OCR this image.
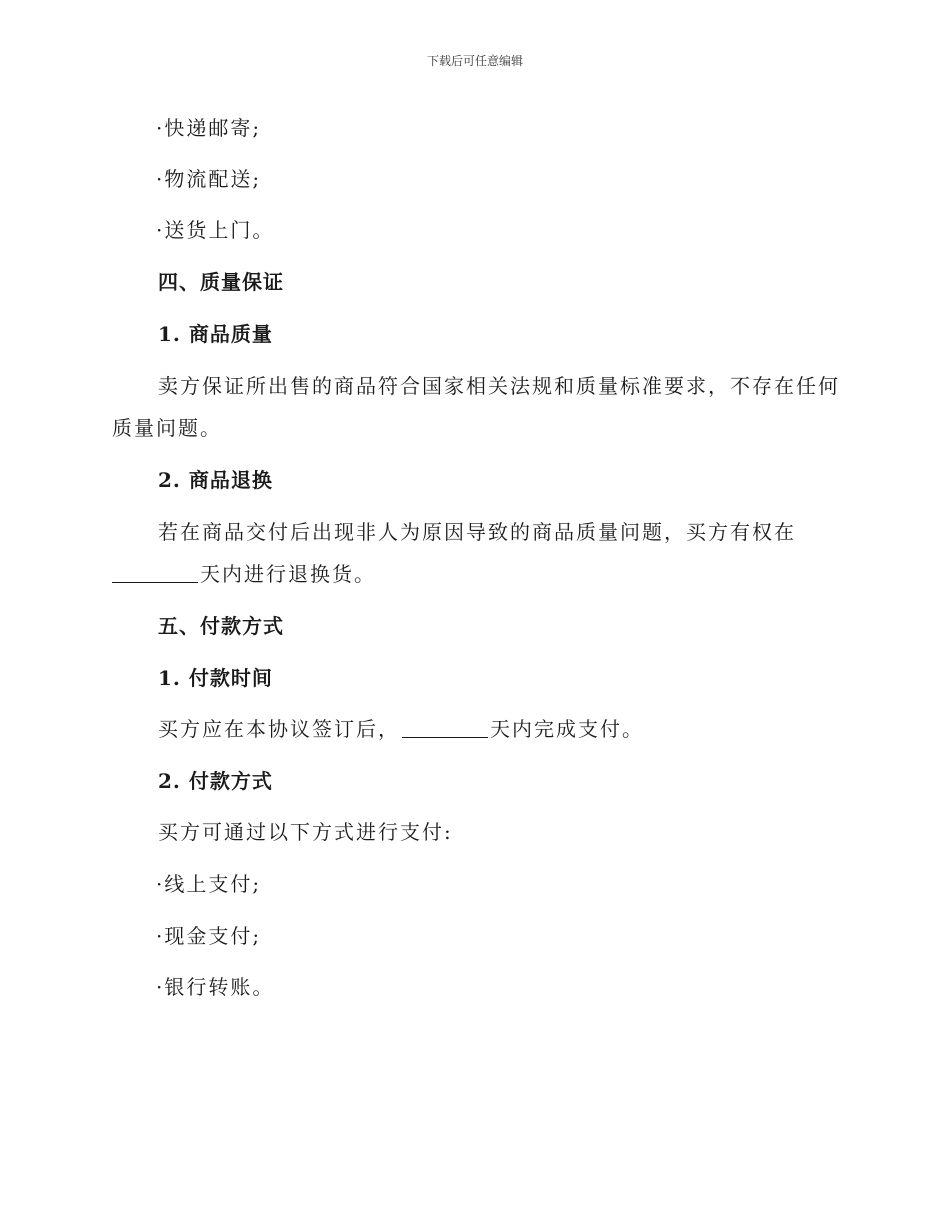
下载后可任意编辑
·快递邮寄;
·物流配送;
·送货上门。
四、质量保证
1. 商品质量
卖方保证所出售的商品符合国家相关法规和质量标准要求，不存在任何
质量问题。
2. 商品退换
若在商品交付后出现非人为原因导致的商品质量问题，买方有权在
天内进行退换货。
五、付款方式
1. 付款时间
买方应在本协议签订后，	天内完成支付。
2. 付款方式
买方可通过以下方式进行支付:
·线上支付;
·现金支付;
·银行转账。
